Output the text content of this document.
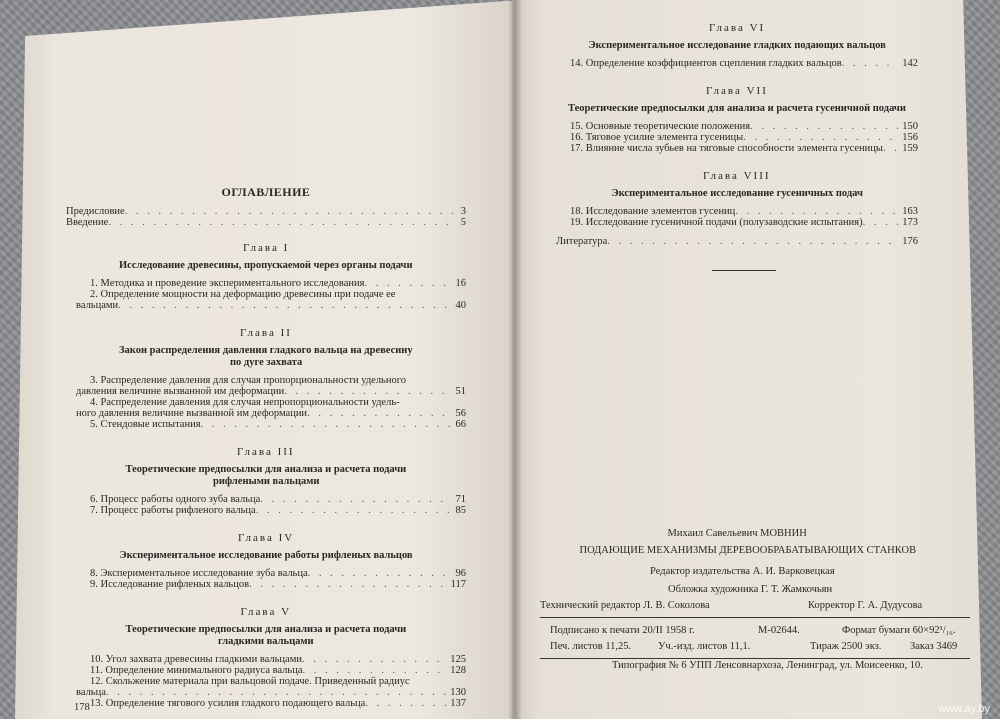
ОГЛАВЛЕНИЕ
Предисловие . . .	3
Введение . . .	5
Глава I
Исследование древесины, пропускаемой через органы подачи
1. Методика и проведение экспериментального исследования . . .	16
2. Определение мощности на деформацию древесины при подаче ее
вальцами . . .	40
Глава II
Закон распределения давления гладкого вальца на древесину
по дуге захвата
3. Распределение давления для случая пропорциональности удельного
давления величине вызванной им деформации . . .	51
4. Распределение давления для случая непропорциональности удель-
ного давления величине вызванной им деформации . . .	56
5. Стендовые испытания . . .	66
Глава III
Теоретические предпосылки для анализа и расчета подачи
рифлеными вальцами
6. Процесс работы одного зуба вальца . . .	71
7. Процесс работы рифленого вальца . . .	85
Глава IV
Экспериментальное исследование работы рифленых вальцов
8. Экспериментальное исследование зуба вальца . . .	96
9. Исследование рифленых вальцов . . .	117
Глава V
Теоретические предпосылки для анализа и расчета подачи
гладкими вальцами
10. Угол захвата древесины гладкими вальцами . . .	125
11. Определение минимального радиуса вальца . . .	128
12. Скольжение материала при вальцовой подаче. Приведенный радиус
вальца . . .	130
13. Определение тягового усилия гладкого подающего вальца . . .	137
178
Глава VI
Экспериментальное исследование гладких подающих вальцов
14. Определение коэффициентов сцепления гладких вальцов . . .	142
Глава VII
Теоретические предпосылки для анализа и расчета гусеничной подачи
15. Основные теоретические положения . . .	150
16. Тяговое усилие элемента гусеницы . . .	156
17. Влияние числа зубьев на тяговые способности элемента гусеницы . . .	159
Глава VIII
Экспериментальное исследование гусеничных подач
18. Исследование элементов гусениц . . .	163
19. Исследование гусеничной подачи (полузаводские испытания) . . .	173
Литература . . .	176
Михаил Савельевич МОВНИН
ПОДАЮЩИЕ МЕХАНИЗМЫ ДЕРЕВООБРАБАТЫВАЮЩИХ СТАНКОВ
Редактор издательства А. И. Варковецкая
Обложка художника Г. Т. Жамкочьян
Технический редактор Л. В. Соколова	Корректор Г. А. Дудусова
Подписано к печати 20/II 1958 г.	М-02644.	Формат бумаги 60×92¹/₁₆.
Печ. листов 11,25.	Уч.-изд. листов 11,1.	Тираж 2500 экз.	Заказ 3469
Типография № 6 УПП Ленсовнархоза, Ленинград, ул. Моисеенко, 10.
www.ay.by
